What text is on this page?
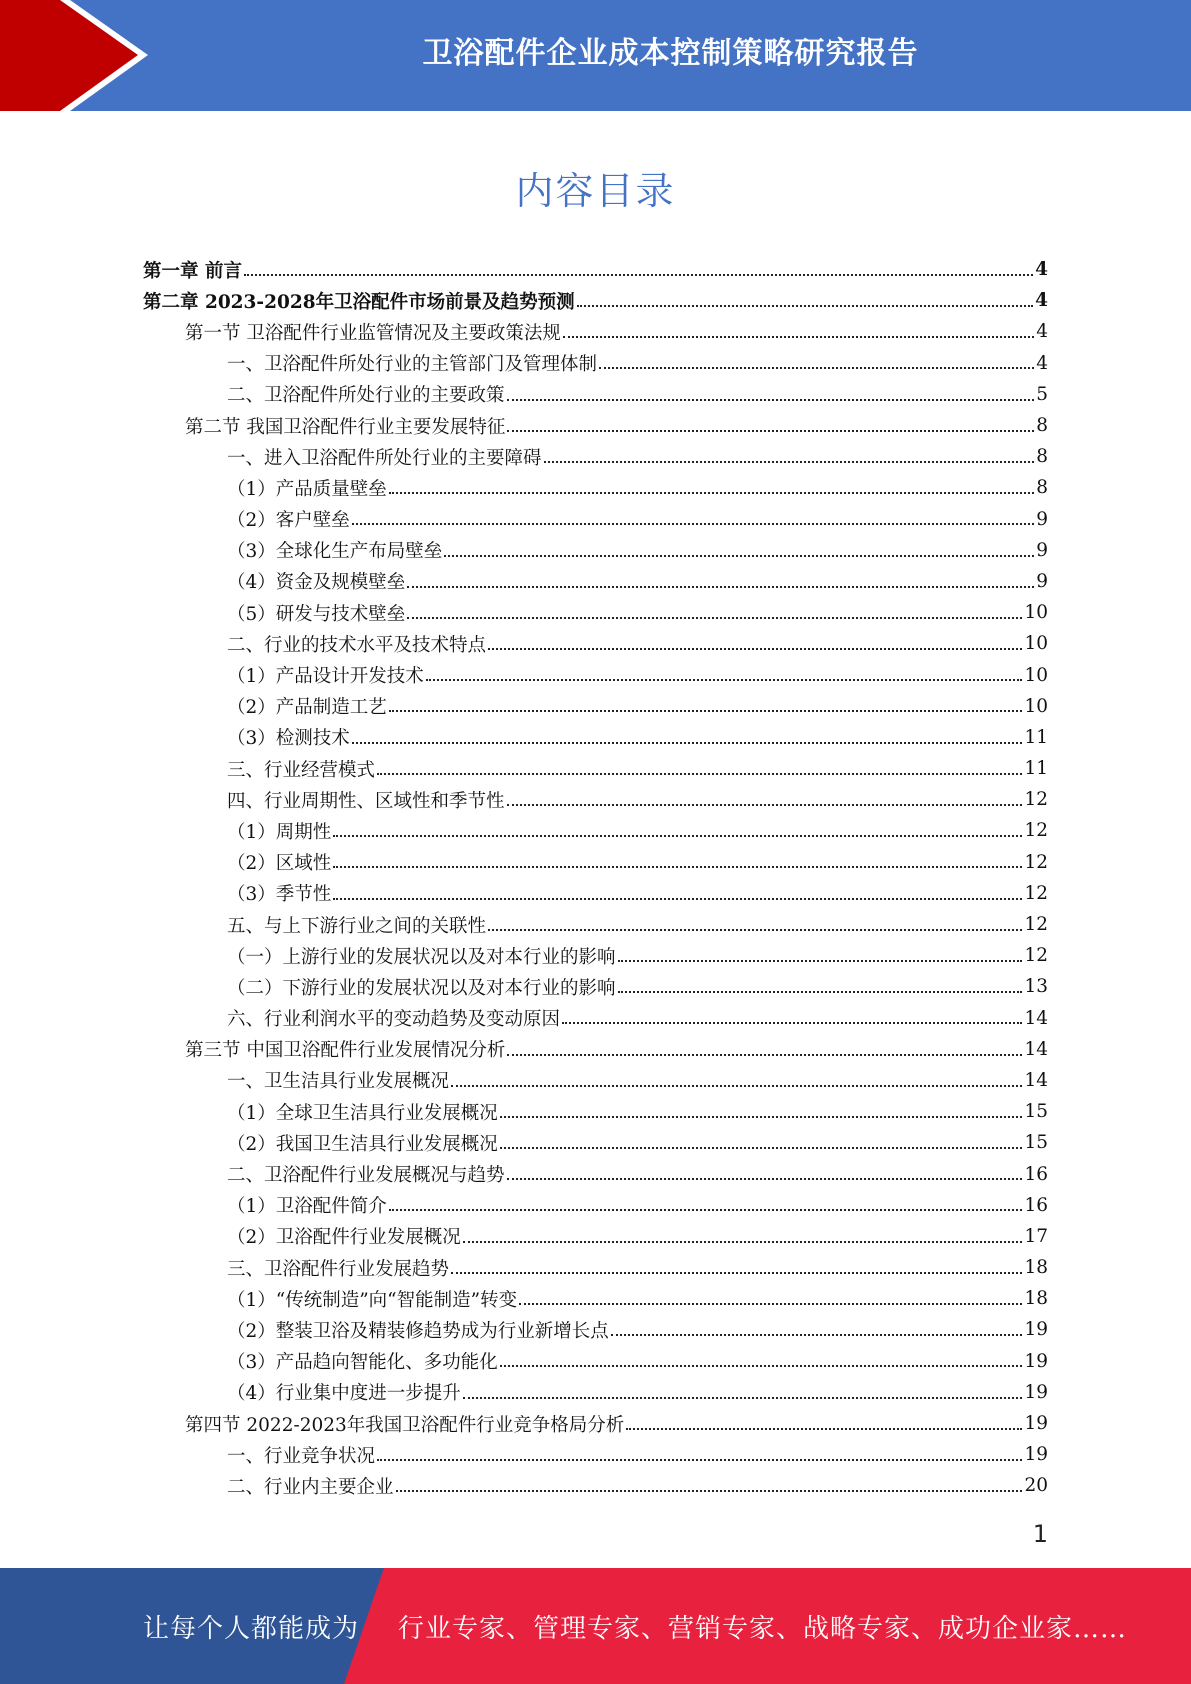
卫浴配件企业成本控制策略研究报告
内容目录
第一章 前言	4
第二章 2023-2028年卫浴配件市场前景及趋势预测	4
第一节 卫浴配件行业监管情况及主要政策法规	4
一、卫浴配件所处行业的主管部门及管理体制	4
二、卫浴配件所处行业的主要政策	5
第二节 我国卫浴配件行业主要发展特征	8
一、进入卫浴配件所处行业的主要障碍	8
（1）产品质量壁垒	8
（2）客户壁垒	9
（3）全球化生产布局壁垒	9
（4）资金及规模壁垒	9
（5）研发与技术壁垒	10
二、行业的技术水平及技术特点	10
（1）产品设计开发技术	10
（2）产品制造工艺	10
（3）检测技术	11
三、行业经营模式	11
四、行业周期性、区域性和季节性	12
（1）周期性	12
（2）区域性	12
（3）季节性	12
五、与上下游行业之间的关联性	12
（一）上游行业的发展状况以及对本行业的影响	12
（二）下游行业的发展状况以及对本行业的影响	13
六、行业利润水平的变动趋势及变动原因	14
第三节 中国卫浴配件行业发展情况分析	14
一、卫生洁具行业发展概况	14
（1）全球卫生洁具行业发展概况	15
（2）我国卫生洁具行业发展概况	15
二、卫浴配件行业发展概况与趋势	16
（1）卫浴配件简介	16
（2）卫浴配件行业发展概况	17
三、卫浴配件行业发展趋势	18
（1）“传统制造”向“智能制造”转变	18
（2）整装卫浴及精装修趋势成为行业新增长点	19
（3）产品趋向智能化、多功能化	19
（4）行业集中度进一步提升	19
第四节 2022-2023年我国卫浴配件行业竞争格局分析	19
一、行业竞争状况	19
二、行业内主要企业	20
1
让每个人都能成为 行业专家、管理专家、营销专家、战略专家、成功企业家……
